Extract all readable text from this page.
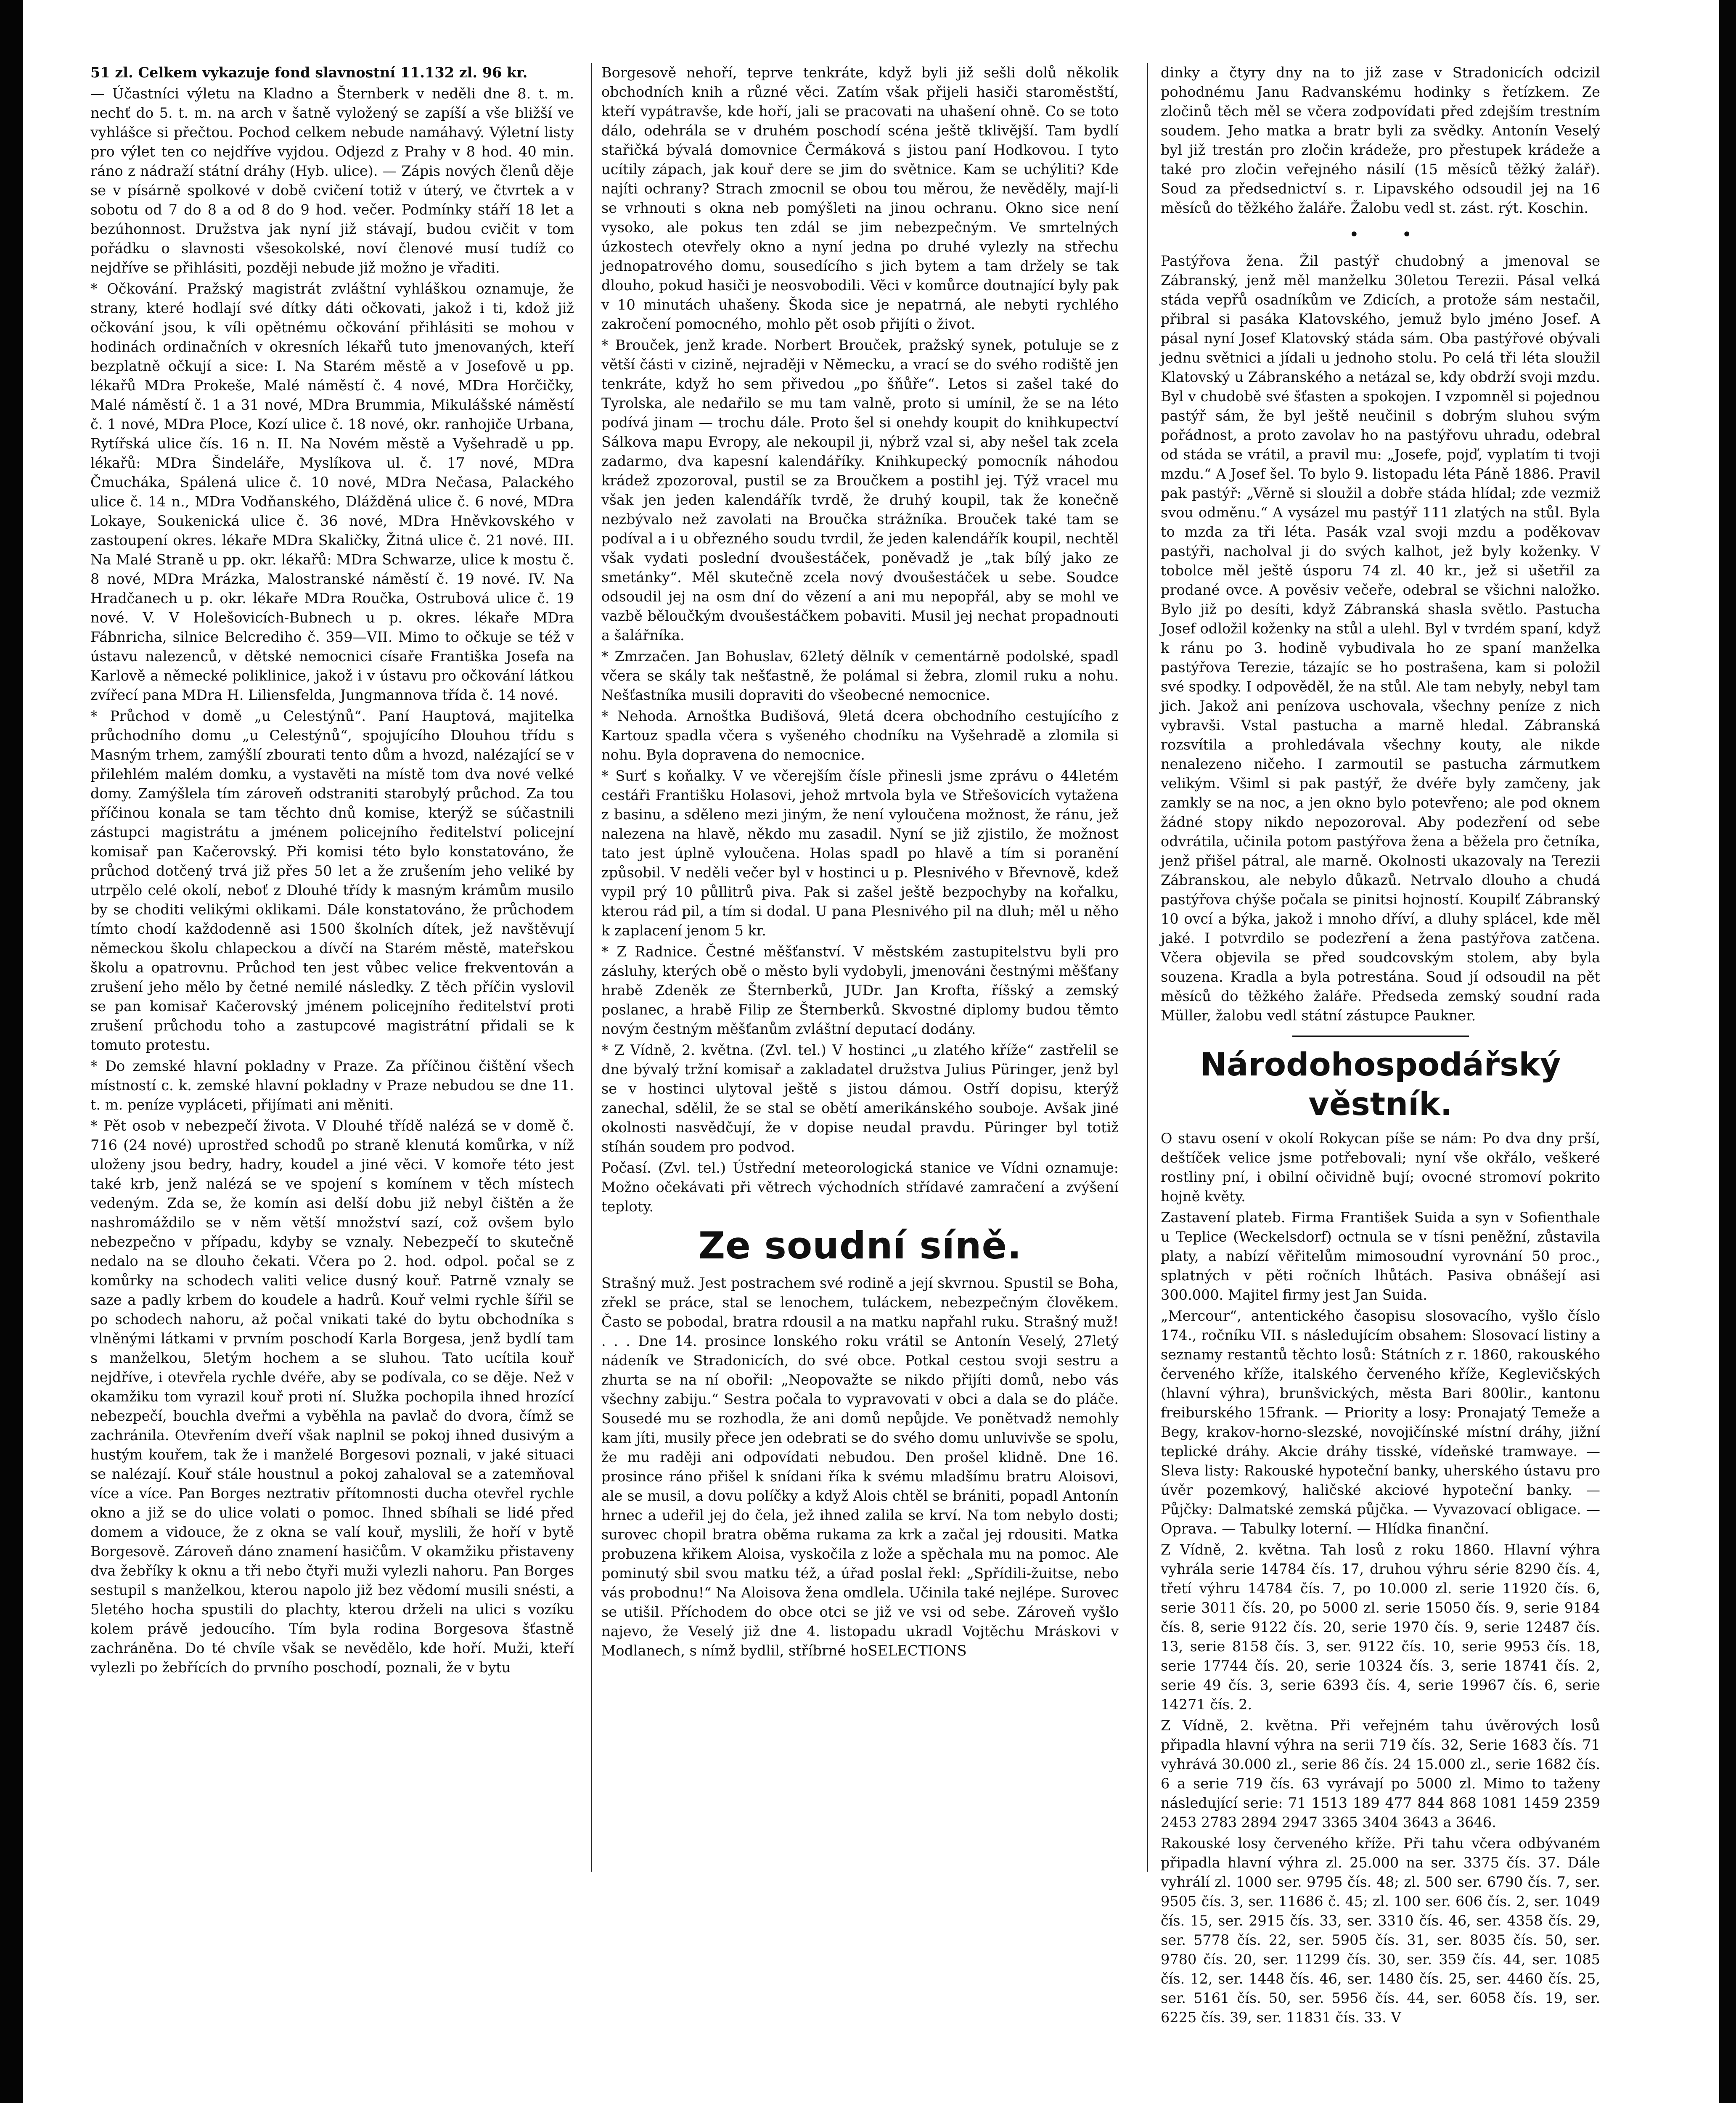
51 zl. Celkem vykazuje fond slavnostní 11.132 zl. 96 kr.

— Účastníci výletu na Kladno a Šternberk v neděli dne 8. t. m. nechť do 5. t. m. na arch v šatně vyložený se zapíší a vše bližší ve vyhlášce si přečtou. Pochod celkem nebude namáhavý. Výletní listy pro výlet ten co nejdříve vyjdou. Odjezd z Prahy v 8 hod. 40 min. ráno z nádraží státní dráhy (Hyb. ulice). — Zápis nových členů děje se v písárně spolkové v době cvičení totiž v úterý, ve čtvrtek a v sobotu od 7 do 8 a od 8 do 9 hod. večer. Podmínky stáří 18 let a bezúhonnost. Družstva jak nyní již stávají, budou cvičit v tom pořádku o slavnosti všesokolské, noví členové musí tudíž co nejdříve se přihlásiti, později nebude již možno je vřaditi.

* Očkování. Pražský magistrát zvláštní vyhláškou oznamuje, že strany, které hodlají své dítky dáti očkovati, jakož i ti, kdož již očkování jsou, k víli opětnému očkování přihlásiti se mohou v hodinách ordinačních v okresních lékařů tuto jmenovaných, kteří bezplatně očkují a sice: I. Na Starém městě a v Josefově u pp. lékařů MDra Prokeše, Malé náměstí č. 4 nové, MDra Horčičky, Malé náměstí č. 1 a 31 nové, MDra Brummia, Mikulášské náměstí č. 1 nové, MDra Ploce, Kozí ulice č. 18 nové, okr. ranhojiče Urbana, Rytířská ulice čís. 16 n. II. Na Novém městě a Vyšehradě u pp. lékařů: MDra Šindeláře, Myslíkova ul. č. 17 nové, MDra Čmucháka, Spálená ulice č. 10 nové, MDra Nečasa, Palackého ulice č. 14 n., MDra Vodňanského, Dlážděná ulice č. 6 nové, MDra Lokaye, Soukenická ulice č. 36 nové, MDra Hněvkovského v zastoupení okres. lékaře MDra Skaličky, Žitná ulice č. 21 nové. III. Na Malé Straně u pp. okr. lékařů: MDra Schwarze, ulice k mostu č. 8 nové, MDra Mrázka, Malostranské náměstí č. 19 nové. IV. Na Hradčanech u p. okr. lékaře MDra Roučka, Ostrubová ulice č. 19 nové. V. V Holešovicích-Bubnech u p. okres. lékaře MDra Fábnricha, silnice Belcrediho č. 359—VII. Mimo to očkuje se též v ústavu nalezenců, v dětské nemocnici císaře Františka Josefa na Karlově a německé poliklinice, jakož i v ústavu pro očkování látkou zvířecí pana MDra H. Liliensfelda, Jungmannova třída č. 14 nové.

* Průchod v domě „u Celestýnů“. Paní Hauptová, majitelka průchodního domu „u Celestýnů“, spojujícího Dlouhou třídu s Masným trhem, zamýšlí zbourati tento dům a hvozd, nalézající se v přilehlém malém domku, a vystavěti na místě tom dva nové velké domy. Zamýšlela tím zároveň odstraniti starobylý průchod. Za tou příčinou konala se tam těchto dnů komise, kterýž se súčastnili zástupci magistrátu a jménem policejního ředitelství policejní komisař pan Kačerovský. Při komisi této bylo konstatováno, že průchod dotčený trvá již přes 50 let a že zrušením jeho veliké by utrpělo celé okolí, neboť z Dlouhé třídy k masným krámům musilo by se choditi velikými oklikami. Dále konstatováno, že průchodem tímto chodí každodenně asi 1500 školních dítek, jež navštěvují německou školu chlapeckou a dívčí na Starém městě, mateřskou školu a opatrovnu. Průchod ten jest vůbec velice frekventován a zrušení jeho mělo by četné nemilé následky. Z těch příčin vyslovil se pan komisař Kačerovský jménem policejního ředitelství proti zrušení průchodu toho a zastupcové magistrátní přidali se k tomuto protestu.

* Do zemské hlavní pokladny v Praze. Za příčinou čištění všech místností c. k. zemské hlavní pokladny v Praze nebudou se dne 11. t. m. peníze vypláceti, přijímati ani měniti.

* Pět osob v nebezpečí života. V Dlouhé třídě nalézá se v domě č. 716 (24 nové) uprostřed schodů po straně klenutá komůrka, v níž uloženy jsou bedry, hadry, koudel a jiné věci. V komoře této jest také krb, jenž nalézá se ve spojení s komínem v těch místech vedeným. Zda se, že komín asi delší dobu již nebyl čištěn a že nashromáždilo se v něm větší množství sazí, což ovšem bylo nebezpečno v případu, kdyby se vznaly. Nebezpečí to skutečně nedalo na se dlouho čekati. Včera po 2. hod. odpol. počal se z komůrky na schodech valiti velice dusný kouř. Patrně vznaly se saze a padly krbem do koudele a hadrů. Kouř velmi rychle šířil se po schodech nahoru, až počal vnikati také do bytu obchodníka s vlněnými látkami v prvním poschodí Karla Borgesa, jenž bydlí tam s manželkou, 5letým hochem a se sluhou. Tato ucítila kouř nejdříve, i otevřela rychle dvéře, aby se podívala, co se děje. Než v okamžiku tom vyrazil kouř proti ní. Služka pochopila ihned hrozící nebezpečí, bouchla dveřmi a vyběhla na pavlač do dvora, čímž se zachránila. Otevřením dveří však naplnil se pokoj ihned dusivým a hustým kouřem, tak že i manželé Borgesovi poznali, v jaké situaci se nalézají. Kouř stále houstnul a pokoj zahaloval se a zatemňoval více a více. Pan Borges neztrativ přítomnosti ducha otevřel rychle okno a již se do ulice volati o pomoc. Ihned sbíhali se lidé před domem a vidouce, že z okna se valí kouř, myslili, že hoří v bytě Borgesově. Zároveň dáno znamení hasičům. V okamžiku přistaveny dva žebříky k oknu a tři nebo čtyři muži vylezli nahoru. Pan Borges sestupil s manželkou, kterou napolo již bez vědomí musili snésti, a 5letého hocha spustili do plachty, kterou drželi na ulici s vozíku kolem právě jedoucího. Tím byla rodina Borgesova šťastně zachráněna. Do té chvíle však se nevědělo, kde hoří. Muži, kteří vylezli po žebřících do prvního poschodí, poznali, že v bytu

Borgesově nehoří, teprve tenkráte, když byli již sešli dolů několik obchodních knih a různé věci. Zatím však přijeli hasiči staroměstští, kteří vypátravše, kde hoří, jali se pracovati na uhašení ohně. Co se toto dálo, odehrála se v druhém poschodí scéna ještě tklivější. Tam bydlí stařičká bývalá domovnice Čermáková s jistou paní Hodkovou. I tyto ucítily zápach, jak kouř dere se jim do světnice. Kam se uchýliti? Kde najíti ochrany? Strach zmocnil se obou tou měrou, že nevěděly, mají-li se vrhnouti s okna neb pomýšleti na jinou ochranu. Okno sice není vysoko, ale pokus ten zdál se jim nebezpečným. Ve smrtelných úzkostech otevřely okno a nyní jedna po druhé vylezly na střechu jednopatrového domu, sousedícího s jich bytem a tam držely se tak dlouho, pokud hasiči je neosvobodili. Věci v komůrce doutnající byly pak v 10 minutách uhašeny. Škoda sice je nepatrná, ale nebyti rychlého zakročení pomocného, mohlo pět osob přijíti o život.

* Brouček, jenž krade. Norbert Brouček, pražský synek, potuluje se z větší části v cizině, nejraději v Německu, a vrací se do svého rodiště jen tenkráte, když ho sem přivedou „po šňůře“. Letos si zašel také do Tyrolska, ale nedařilo se mu tam valně, proto si umínil, že se na léto podívá jinam — trochu dále. Proto šel si onehdy koupit do knihkupectví Sálkova mapu Evropy, ale nekoupil ji, nýbrž vzal si, aby nešel tak zcela zadarmo, dva kapesní kalendáříky. Knihkupecký pomocník náhodou krádež zpozoroval, pustil se za Broučkem a postihl jej. Týž vracel mu však jen jeden kalendářík tvrdě, že druhý koupil, tak že konečně nezbývalo než zavolati na Broučka strážníka. Brouček také tam se podíval a i u obřezného soudu tvrdil, že jeden kalendářík koupil, nechtěl však vydati poslední dvoušestáček, poněvadž je „tak bílý jako ze smetánky“. Měl skutečně zcela nový dvoušestáček u sebe. Soudce odsoudil jej na osm dní do vězení a ani mu nepopřál, aby se mohl ve vazbě běloučkým dvoušestáčkem pobaviti. Musil jej nechat propadnouti a šalářníka.

* Zmrzačen. Jan Bohuslav, 62letý dělník v cementárně podolské, spadl včera se skály tak nešťastně, že polámal si žebra, zlomil ruku a nohu. Nešťastníka musili dopraviti do všeobecné nemocnice.

* Nehoda. Arnoštka Budišová, 9letá dcera obchodního cestujícího z Kartouz spadla včera s vyšeného chodníku na Vyšehradě a zlomila si nohu. Byla dopravena do nemocnice.

* Surť s koňalky. V ve včerejším čísle přinesli jsme zprávu o 44letém cestáři Františku Holasovi, jehož mrtvola byla ve Střešovicích vytažena z basinu, a sděleno mezi jiným, že není vyloučena možnost, že ránu, jež nalezena na hlavě, někdo mu zasadil. Nyní se již zjistilo, že možnost tato jest úplně vyloučena. Holas spadl po hlavě a tím si poranění způsobil. V neděli večer byl v hostinci u p. Plesnivého v Břevnově, kdež vypil prý 10 půllitrů piva. Pak si zašel ještě bezpochyby na kořalku, kterou rád pil, a tím si dodal. U pana Plesnivého pil na dluh; měl u něho k zaplacení jenom 5 kr.

* Z Radnice. Čestné měšťanství. V městském zastupitelstvu byli pro zásluhy, kterých obě o město byli vydobyli, jmenováni čestnými měšťany hrabě Zdeněk ze Šternberků, JUDr. Jan Krofta, říšský a zemský poslanec, a hrabě Filip ze Šternberků. Skvostné diplomy budou těmto novým čestným měšťanům zvláštní deputací dodány.

* Z Vídně, 2. května. (Zvl. tel.) V hostinci „u zlatého kříže“ zastřelil se dne bývalý tržní komisař a zakladatel družstva Julius Püringer, jenž byl se v hostinci ulytoval ještě s jistou dámou. Ostří dopisu, kterýž zanechal, sdělil, že se stal se obětí amerikánského souboje. Avšak jiné okolnosti nasvědčují, že v dopise neudal pravdu. Püringer byl totiž stíhán soudem pro podvod.

Počasí. (Zvl. tel.) Ústřední meteorologická stanice ve Vídni oznamuje: Možno očekávati při větrech východních střídavé zamračení a zvýšení teploty.

Ze soudní síně.

Strašný muž. Jest postrachem své rodině a její skvrnou. Spustil se Boha, zřekl se práce, stal se lenochem, tuláckem, nebezpečným člověkem. Často se pobodal, bratra rdousil a na matku napřahl ruku. Strašný muž! . . . Dne 14. prosince lonského roku vrátil se Antonín Veselý, 27letý nádeník ve Stradonicích, do své obce. Potkal cestou svoji sestru a zhurta se na ní obořil: „Neopovažte se nikdo přijíti domů, nebo vás všechny zabiju.“ Sestra počala to vypravovati v obci a dala se do pláče. Sousedé mu se rozhodla, že ani domů nepůjde. Ve ponětvadž nemohly kam jíti, musily přece jen odebrati se do svého domu unluvivše se spolu, že mu raději ani odpovídati nebudou. Den prošel klidně. Dne 16. prosince ráno přišel k snídani říka k svému mladšímu bratru Aloisovi, ale se musil, a dovu políčky a když Alois chtěl se brániti, popadl Antonín hrnec a udeřil jej do čela, jež ihned zalila se krví. Na tom nebylo dosti; surovec chopil bratra oběma rukama za krk a začal jej rdousiti. Matka probuzena křikem Aloisa, vyskočila z lože a spěchala mu na pomoc. Ale pominutý sbil svou matku též, a úřad poslal řekl: „Spřídili-žuitse, nebo vás probodnu!“ Na Aloisova žena omdlela. Učinila také nejlépe. Surovec se utišil. Příchodem do obce otci se již ve vsi od sebe. Zároveň vyšlo najevo, že Veselý již dne 4. listopadu ukradl Vojtěchu Mráskovi v Modlanech, s nímž bydlil, stříbrné hoSELECTIONS

dinky a čtyry dny na to již zase v Stradonicích odcizil pohodnému Janu Radvanskému hodinky s řetízkem. Ze zločinů těch měl se včera zodpovídati před zdejším trestním soudem. Jeho matka a bratr byli za svědky. Antonín Veselý byl již trestán pro zločin krádeže, pro přestupek krádeže a také pro zločin veřejného násilí (15 měsíců těžký žalář). Soud za předsednictví s. r. Lipavského odsoudil jej na 16 měsíců do těžkého žaláře. Žalobu vedl st. zást. rýt. Koschin.

•        •

Pastýřova žena. Žil pastýř chudobný a jmenoval se Zábranský, jenž měl manželku 30letou Terezii. Pásal velká stáda vepřů osadníkům ve Zdicích, a protože sám nestačil, přibral si pasáka Klatovského, jemuž bylo jméno Josef. A pásal nyní Josef Klatovský stáda sám. Oba pastýřové obývali jednu světnici a jídali u jednoho stolu. Po celá tři léta sloužil Klatovský u Zábranského a netázal se, kdy obdrží svoji mzdu. Byl v chudobě své šťasten a spokojen. I vzpomněl si pojednou pastýř sám, že byl ještě neučinil s dobrým sluhou svým pořádnost, a proto zavolav ho na pastýřovu uhradu, odebral od stáda se vrátil, a pravil mu: „Josefe, pojď, vyplatím ti tvoji mzdu.“ A Josef šel. To bylo 9. listopadu léta Páně 1886. Pravil pak pastýř: „Věrně si sloužil a dobře stáda hlídal; zde vezmiž svou odměnu.“ A vysázel mu pastýř 111 zlatých na stůl. Byla to mzda za tři léta. Pasák vzal svoji mzdu a poděkovav pastýři, nacholval ji do svých kalhot, jež byly koženky. V tobolce měl ještě úsporu 74 zl. 40 kr., jež si ušetřil za prodané ovce. A pověsiv večeře, odebral se všichni naložko. Bylo již po desíti, když Zábranská shasla světlo. Pastucha Josef odložil koženky na stůl a ulehl. Byl v tvrdém spaní, když k ránu po 3. hodině vybudivala ho ze spaní manželka pastýřova Terezie, tázajíc se ho postrašena, kam si položil své spodky. I odpověděl, že na stůl. Ale tam nebyly, nebyl tam jich. Jakož ani penízova uschovala, všechny peníze z nich vybravši. Vstal pastucha a marně hledal. Zábranská rozsvítila a prohledávala všechny kouty, ale nikde nenalezeno ničeho. I zarmoutil se pastucha zármutkem velikým. Všiml si pak pastýř, že dvéře byly zamčeny, jak zamkly se na noc, a jen okno bylo potevřeno; ale pod oknem žádné stopy nikdo nepozoroval. Aby podezření od sebe odvrátila, učinila potom pastýřova žena a běžela pro četníka, jenž přišel pátral, ale marně. Okolnosti ukazovaly na Terezii Zábranskou, ale nebylo důkazů. Netrvalo dlouho a chudá pastýřova chýše počala se pinitsi hojností. Koupilť Zábranský 10 ovcí a býka, jakož i mnoho dříví, a dluhy splácel, kde měl jaké. I potvrdilo se podezření a žena pastýřova zatčena. Včera objevila se před soudcovským stolem, aby byla souzena. Kradla a byla potrestána. Soud jí odsoudil na pět měsíců do těžkého žaláře. Předseda zemský soudní rada Müller, žalobu vedl státní zástupce Paukner.

Národohospodářský věstník.

O stavu osení v okolí Rokycan píše se nám: Po dva dny prší, deštíček velice jsme potřebovali; nyní vše okřálo, veškeré rostliny pní, i obilní očividně bují; ovocné stromoví pokrito hojně květy.

Zastavení plateb. Firma František Suida a syn v Sofienthale u Teplice (Weckelsdorf) octnula se v tísni peněžní, zůstavila platy, a nabízí věřitelům mimosoudní vyrovnání 50 proc., splatných v pěti ročních lhůtách. Pasiva obnášejí asi 300.000. Majitel firmy jest Jan Suida.

„Mercour“, antentického časopisu slosovacího, vyšlo číslo 174., ročníku VII. s následujícím obsahem: Slosovací listiny a seznamy restantů těchto losů: Státních z r. 1860, rakouského červeného kříže, italského červeného kříže, Keglevičských (hlavní výhra), brunšvických, města Bari 800lir., kantonu freiburského 15frank. — Priority a losy: Pronajatý Temeže a Begy, krakov-horno-slezské, novojičínské místní dráhy, jižní teplické dráhy. Akcie dráhy tisské, vídeňské tramwaye. — Sleva listy: Rakouské hypoteční banky, uherského ústavu pro úvěr pozemkový, haličské akciové hypoteční banky. — Půjčky: Dalmatské zemská půjčka. — Vyvazovací obligace. — Oprava. — Tabulky loterní. — Hlídka finanční.

Z Vídně, 2. května. Tah losů z roku 1860. Hlavní výhra vyhrála serie 14784 čís. 17, druhou výhru série 8290 čís. 4, třetí výhru 14784 čís. 7, po 10.000 zl. serie 11920 čís. 6, serie 3011 čís. 20, po 5000 zl. serie 15050 čís. 9, serie 9184 čís. 8, serie 9122 čís. 20, serie 1970 čís. 9, serie 12487 čís. 13, serie 8158 čís. 3, ser. 9122 čís. 10, serie 9953 čís. 18, serie 17744 čís. 20, serie 10324 čís. 3, serie 18741 čís. 2, serie 49 čís. 3, serie 6393 čís. 4, serie 19967 čís. 6, serie 14271 čís. 2.

Z Vídně, 2. května. Při veřejném tahu úvěrových losů připadla hlavní výhra na serii 719 čís. 32, Serie 1683 čís. 71 vyhrává 30.000 zl., serie 86 čís. 24 15.000 zl., serie 1682 čís. 6 a serie 719 čís. 63 vyrávají po 5000 zl. Mimo to taženy následující serie: 71 1513 189 477 844 868 1081 1459 2359 2453 2783 2894 2947 3365 3404 3643 a 3646.

Rakouské losy červeného kříže. Při tahu včera odbývaném připadla hlavní výhra zl. 25.000 na ser. 3375 čís. 37. Dále vyhrálí zl. 1000 ser. 9795 čís. 48; zl. 500 ser. 6790 čís. 7, ser. 9505 čís. 3, ser. 11686 č. 45; zl. 100 ser. 606 čís. 2, ser. 1049 čís. 15, ser. 2915 čís. 33, ser. 3310 čís. 46, ser. 4358 čís. 29, ser. 5778 čís. 22, ser. 5905 čís. 31, ser. 8035 čís. 50, ser. 9780 čís. 20, ser. 11299 čís. 30, ser. 359 čís. 44, ser. 1085 čís. 12, ser. 1448 čís. 46, ser. 1480 čís. 25, ser. 4460 čís. 25, ser. 5161 čís. 50, ser. 5956 čís. 44, ser. 6058 čís. 19, ser. 6225 čís. 39, ser. 11831 čís. 33. V
